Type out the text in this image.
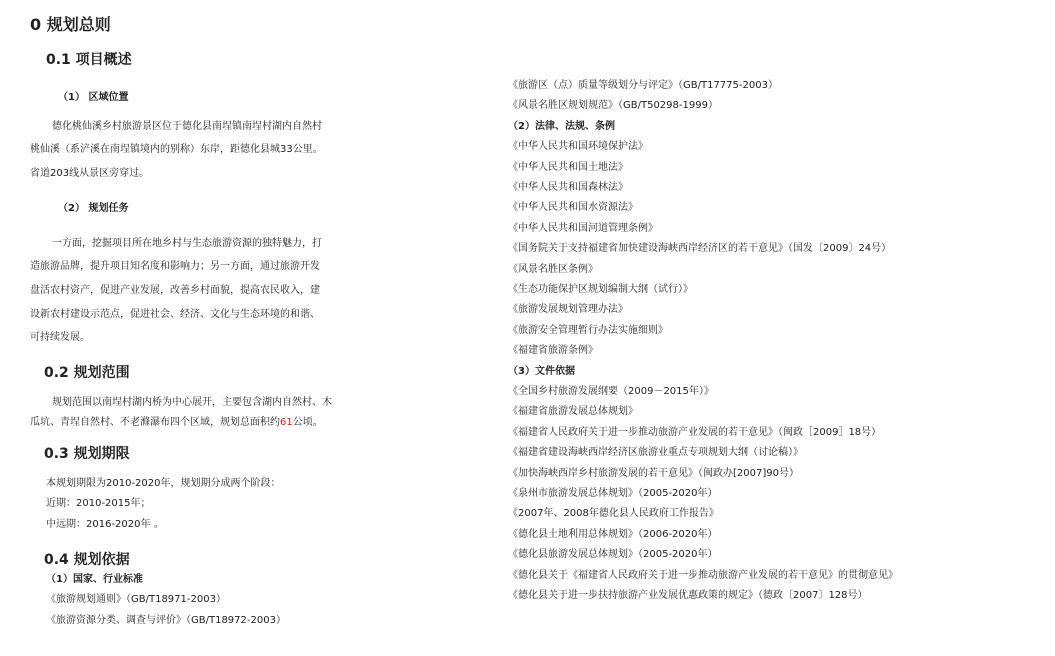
0 规划总则
0.1 项目概述
（1） 区域位置
德化桃仙溪乡村旅游景区位于德化县南埕镇南埕村湖内自然村
桃仙溪（系浐溪在南埕镇境内的别称）东岸，距德化县城33公里。
省道203线从景区旁穿过。
（2） 规划任务
一方面，挖掘项目所在地乡村与生态旅游资源的独特魅力，打
造旅游品牌，提升项目知名度和影响力；另一方面，通过旅游开发
盘活农村资产，促进产业发展，改善乡村面貌，提高农民收入，建
设新农村建设示范点，促进社会、经济、文化与生态环境的和谐、
可持续发展。
0.2 规划范围
规划范围以南埕村湖内桥为中心展开，主要包含湖内自然村、木
瓜坑、青埕自然村、不老滌瀑布四个区域，规划总面积约61公顷。
0.3 规划期限
本规划期限为2010-2020年，规划期分成两个阶段：
近期：2010-2015年；
中远期：2016-2020年 。
0.4 规划依据
（1）国家、行业标准
《旅游规划通则》（GB/T18971-2003）
《旅游资源分类、调查与评价》（GB/T18972-2003）
《旅游区（点）质量等级划分与评定》（GB/T17775-2003）
《风景名胜区规划规范》（GB/T50298-1999）
（2）法律、法规、条例
《中华人民共和国环境保护法》
《中华人民共和国土地法》
《中华人民共和国森林法》
《中华人民共和国水资源法》
《中华人民共和国河道管理条例》
《国务院关于支持福建省加快建设海峡西岸经济区的若干意见》（国发〔2009〕24号）
《风景名胜区条例》
《生态功能保护区规划编制大纲（试行）》
《旅游发展规划管理办法》
《旅游安全管理暂行办法实施细则》
《福建省旅游条例》
（3）文件依据
《全国乡村旅游发展纲要（2009－2015年）》
《福建省旅游发展总体规划》
《福建省人民政府关于进一步推动旅游产业发展的若干意见》（闽政［2009］18号）
《福建省建设海峡西岸经济区旅游业重点专项规划大纲（讨论稿）》
《加快海峡西岸乡村旅游发展的若干意见》（闽政办[2007]90号）
《泉州市旅游发展总体规划》（2005-2020年）
《2007年、2008年德化县人民政府工作报告》
《德化县土地利用总体规划》（2006-2020年）
《德化县旅游发展总体规划》（2005-2020年）
《德化县关于《福建省人民政府关于进一步推动旅游产业发展的若干意见》的贯彻意见》
《德化县关于进一步扶持旅游产业发展优惠政策的规定》（德政〔2007〕128号）
